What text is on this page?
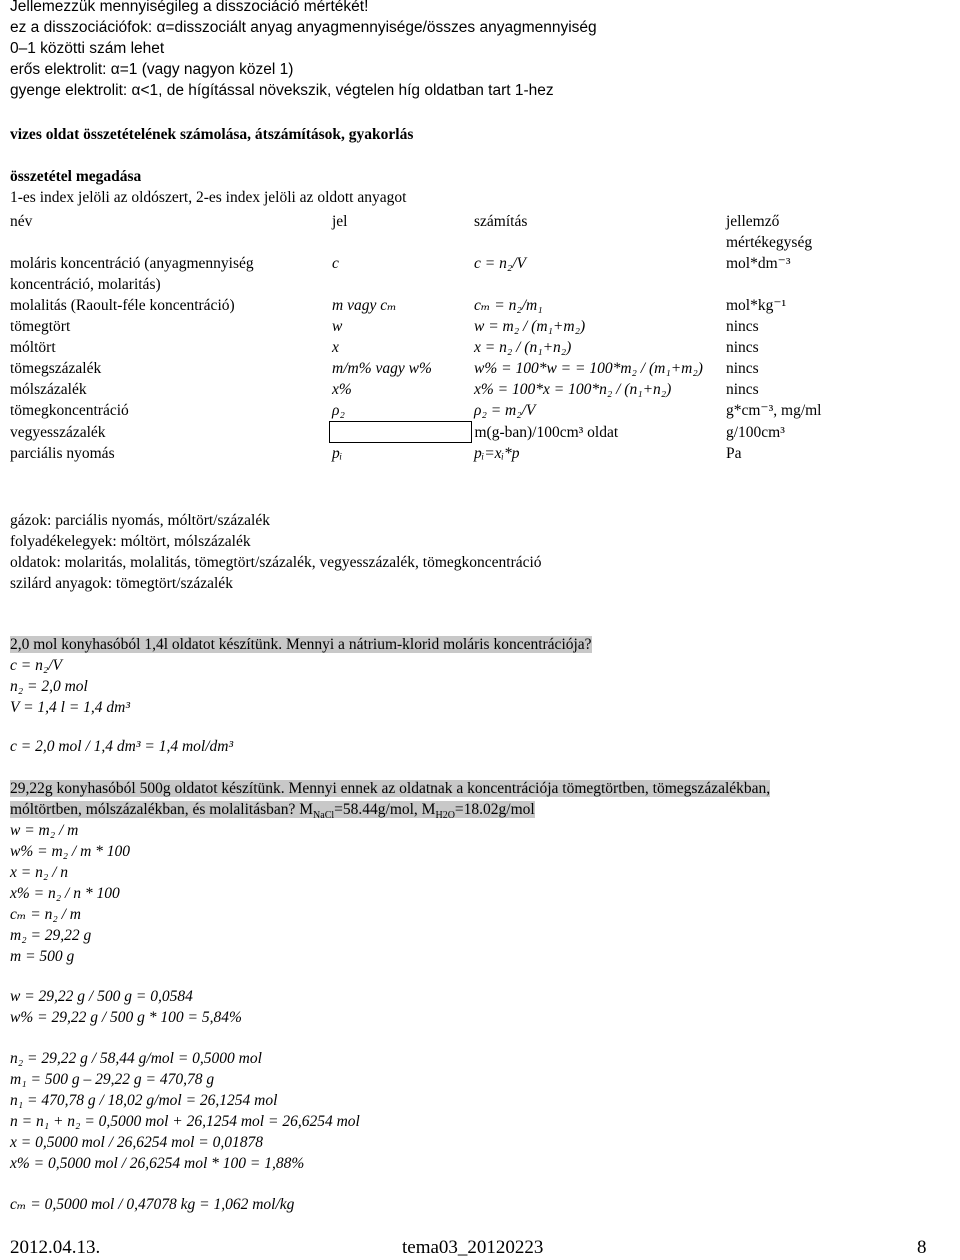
Jellemezzük mennyiségileg a disszociáció mértékét!
ez a disszociációfok: α=disszociált anyag anyagmennyisége/összes anyagmennyiség
0–1 közötti szám lehet
erős elektrolit: α=1 (vagy nagyon közel 1)
gyenge elektrolit: α<1, de hígítással növekszik, végtelen híg oldatban tart 1-hez
vizes oldat összetételének számolása, átszámítások, gyakorlás
összetétel megadása
1-es index jelöli az oldószert, 2-es index jelöli az oldott anyagot
név	jel	számítás	jellemző mértékegység
moláris koncentráció (anyagmennyiség koncentráció, molaritás)	c	c = n₂/V	mol*dm⁻³
molalitás (Raoult-féle koncentráció)	m vagy cₘ	cₘ = n₂/m₁	mol*kg⁻¹
tömegtört	w	w = m₂ / (m₁+m₂)	nincs
móltört	x	x = n₂ / (n₁+n₂)	nincs
tömegszázalék	m/m% vagy w%	w% = 100*w = = 100*m₂ / (m₁+m₂)	nincs
mólszázalék	x%	x% = 100*x = 100*n₂ / (n₁+n₂)	nincs
tömegkoncentráció	ρ₂	ρ₂ = m₂/V	g*cm⁻³, mg/ml
vegyesszázalék		m(g-ban)/100cm³ oldat	g/100cm³
parciális nyomás	pᵢ	pᵢ=xᵢ*p	Pa
gázok: parciális nyomás, móltört/százalék
folyadékelegyek: móltört, mólszázalék
oldatok: molaritás, molalitás, tömegtört/százalék, vegyesszázalék, tömegkoncentráció
szilárd anyagok: tömegtört/százalék
2,0 mol konyhasóból 1,4l oldatot készítünk. Mennyi a nátrium-klorid moláris koncentrációja?
c = n₂/V
n₂ = 2,0 mol
V = 1,4 l = 1,4 dm³
c = 2,0 mol / 1,4 dm³ = 1,4 mol/dm³
29,22g konyhasóból 500g oldatot készítünk. Mennyi ennek az oldatnak a koncentrációja tömegtörtben, tömegszázalékban,
móltörtben, mólszázalékban, és molalitásban? $M_{NaCl}=58.44g$/mol, $M_{H2O}=18.02g$/mol
w = m₂ / m
w% = m₂ / m * 100
x = n₂ / n
x% = n₂ / n * 100
cₘ = n₂ / m
m₂ = 29,22 g
m = 500 g
w = 29,22 g / 500 g = 0,0584
w% = 29,22 g / 500 g * 100 = 5,84%
n₂ = 29,22 g / 58,44 g/mol = 0,5000 mol
m₁ = 500 g – 29,22 g = 470,78 g
n₁ = 470,78 g / 18,02 g/mol = 26,1254 mol
n = n₁ + n₂ = 0,5000 mol + 26,1254 mol = 26,6254 mol
x = 0,5000 mol / 26,6254 mol = 0,01878
x% = 0,5000 mol / 26,6254 mol * 100 = 1,88%
cₘ = 0,5000 mol / 0,47078 kg = 1,062 mol/kg
2012.04.13.	tema03_20120223	8
